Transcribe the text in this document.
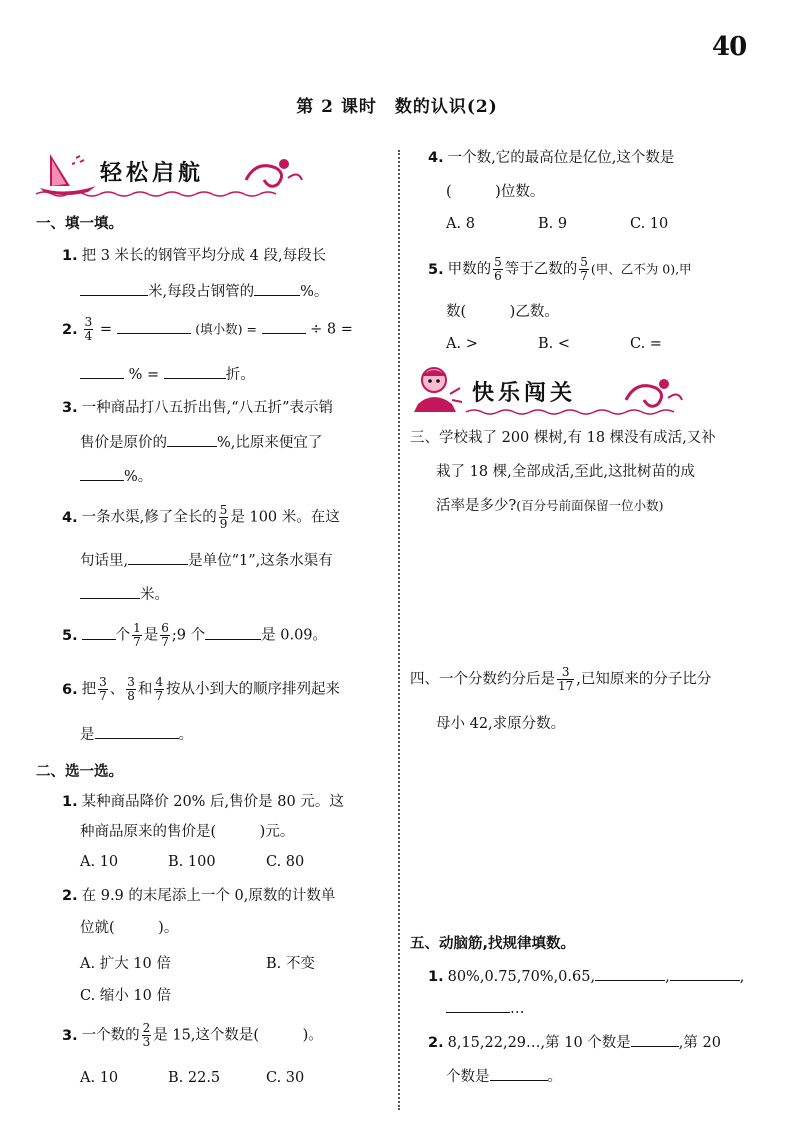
40
第 2 课时　数的认识(2)
轻松启航
一、填一填。
1. 把 3 米长的钢管平均分成 4 段,每段长
米,每段占钢管的	%。
2. $\frac{3}{4}$ =	(填小数) =	÷ 8 =
% =	折。
3. 一种商品打八五折出售,“八五折”表示销
售价是原价的	%,比原来便宜了
%。
4. 一条水渠,修了全长的 $\frac{5}{9}$ 是 100 米。在这
句话里,	是单位“1”,这条水渠有
米。
5.	个 $\frac{1}{7}$ 是 $\frac{6}{7}$ ;9 个	是 0.09。
6. 把 $\frac{3}{7}$ 、 $\frac{3}{8}$ 和 $\frac{4}{7}$ 按从小到大的顺序排列起来
是	。
二、选一选。
1. 某种商品降价 20% 后,售价是 80 元。这
种商品原来的售价是(　　　)元。
A. 10	B. 100	C. 80
2. 在 9.9 的末尾添上一个 0,原数的计数单
位就(　　　)。
A. 扩大 10 倍	B. 不变
C. 缩小 10 倍
3. 一个数的 $\frac{2}{3}$ 是 15,这个数是(　　　)。
A. 10	B. 22.5	C. 30
4. 一个数,它的最高位是亿位,这个数是
(　　　)位数。
A. 8	B. 9	C. 10
5. 甲数的 $\frac{5}{6}$ 等于乙数的 $\frac{5}{7}$ (甲、乙不为 0),甲
数(　　　)乙数。
A. >	B. <	C. =
快乐闯关
三、学校栽了 200 棵树,有 18 棵没有成活,又补
栽了 18 棵,全部成活,至此,这批树苗的成
活率是多少?(百分号前面保留一位小数)
四、一个分数约分后是 $\frac{3}{17}$ ,已知原来的分子比分
母小 42,求原分数。
五、动脑筋,找规律填数。
1. 80%,0.75,70%,0.65,	,	,
…
2. 8,15,22,29…,第 10 个数是	,第 20
个数是	。
